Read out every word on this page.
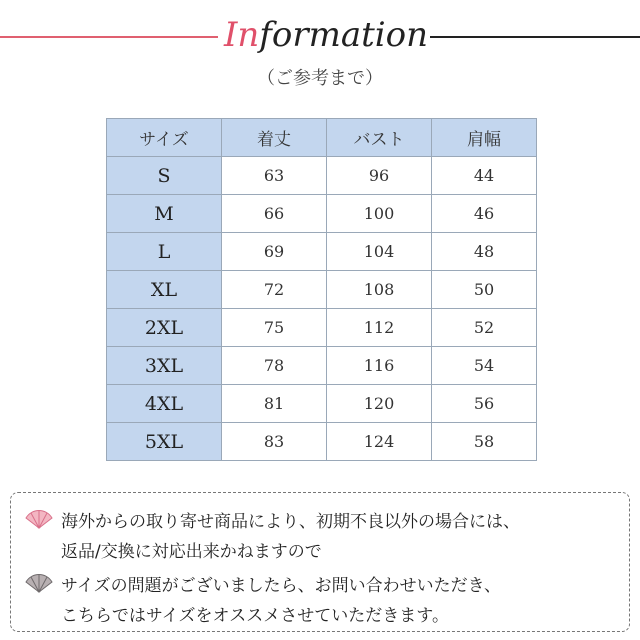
Information
（ご参考まで）
サイズ	着丈	バスト	肩幅
S	63	96	44
M	66	100	46
L	69	104	48
XL	72	108	50
2XL	75	112	52
3XL	78	116	54
4XL	81	120	56
5XL	83	124	58
海外からの取り寄せ商品により、初期不良以外の場合には、
返品/交換に対応出来かねますので
サイズの問題がございましたら、お問い合わせいただき、
こちらではサイズをオススメさせていただきます。
